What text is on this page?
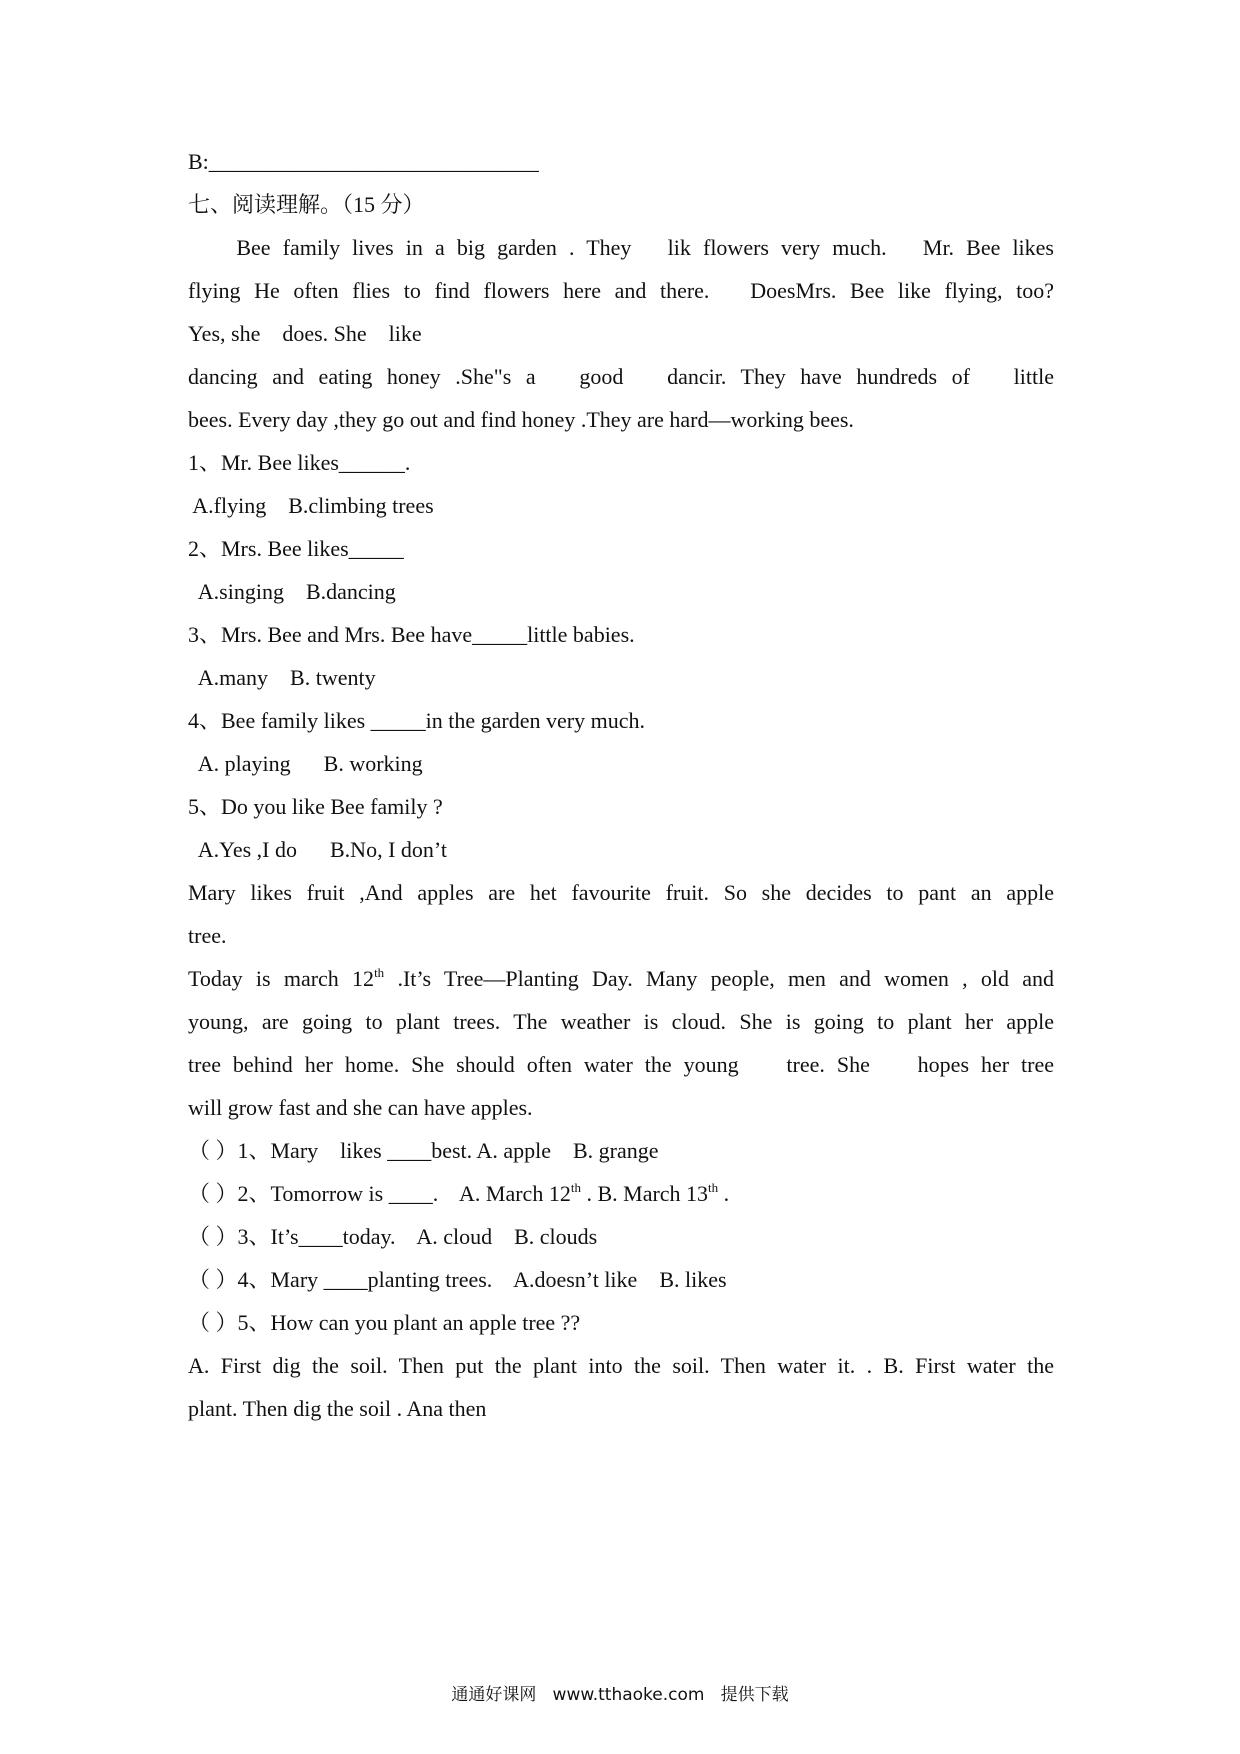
B:______________________________
七、阅读理解。（15 分）
Bee family lives in a big garden . They   lik flowers very much.   Mr. Bee likes
flying He often flies to find flowers here and there.   DoesMrs. Bee like flying, too?
Yes, she    does. She    like
dancing and eating honey .She"s a   good   dancir. They have hundreds of   little
bees. Every day ,they go out and find honey .They are hard—working bees.
1、Mr. Bee likes______.
A.flying    B.climbing trees
2、Mrs. Bee likes_____
A.singing    B.dancing
3、Mrs. Bee and Mrs. Bee have_____little babies.
A.many    B. twenty
4、Bee family likes _____in the garden very much.
A. playing      B. working
5、Do you like Bee family ?
A.Yes ,I do      B.No, I don’t
Mary likes fruit ,And apples are het favourite fruit. So she decides to pant an apple
tree.
Today is march 12th .It’s Tree—Planting Day. Many people, men and women , old and
young, are going to plant trees. The weather is cloud. She is going to plant her apple
tree behind her home. She should often water the young    tree. She    hopes her tree
will grow fast and she can have apples.
（ ）1、Mary    likes ____best. A. apple    B. grange
（ ）2、Tomorrow is ____.    A. March 12th . B. March 13th .
（ ）3、It’s____today.    A. cloud    B. clouds
（ ）4、Mary ____planting trees.    A.doesn’t like    B. likes
（ ）5、How can you plant an apple tree ??
A. First dig the soil. Then put the plant into the soil. Then water it. . B. First water the
plant. Then dig the soil . Ana then
通通好课网   www.tthaoke.com   提供下载
